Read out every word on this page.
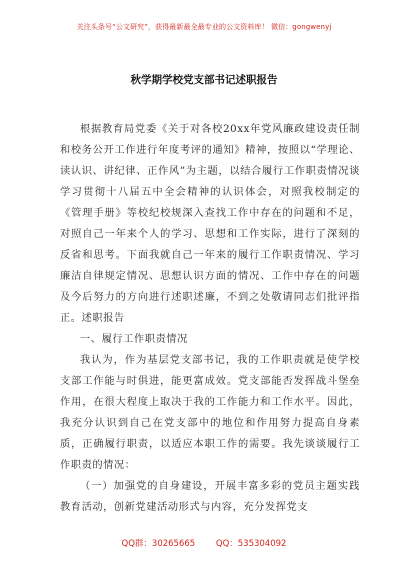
关注头条号“公文研究”，获得最新最全最专业的公文资料库！ 微信：gongwenyj
秋学期学校党支部书记述职报告

根据教育局党委《关于对各校20xx年党风廉政建设责任制和校务公开工作进行年度考评的通知》精神，按照以“学理论、读认识、讲纪律、正作风”为主题，以结合履行工作职责情况谈学习贯彻十八届五中全会精神的认识体会，对照我校制定的《管理手册》等校纪校规深入查找工作中存在的问题和不足，对照自己一年来个人的学习、思想和工作实际，进行了深刻的反省和思考。下面我就自己一年来的履行工作职责情况、学习廉洁自律规定情况、思想认识方面的情况、工作中存在的问题及今后努力的方向进行述职述廉，不到之处敬请同志们批评指正。述职报告

一、履行工作职责情况

我认为，作为基层党支部书记，我的工作职责就是使学校支部工作能与时俱进，能更富成效。党支部能否发挥战斗堡垒作用，在很大程度上取决于我的工作能力和工作水平。因此，我充分认识到自己在党支部中的地位和作用努力提高自身素质，正确履行职责，以适应本职工作的需要。我先谈谈履行工作职责的情况：

（一）加强党的自身建设，开展丰富多彩的党员主题实践教育活动，创新党建活动形式与内容，充分发挥党支

QQ群：30265665 QQ：535304092
